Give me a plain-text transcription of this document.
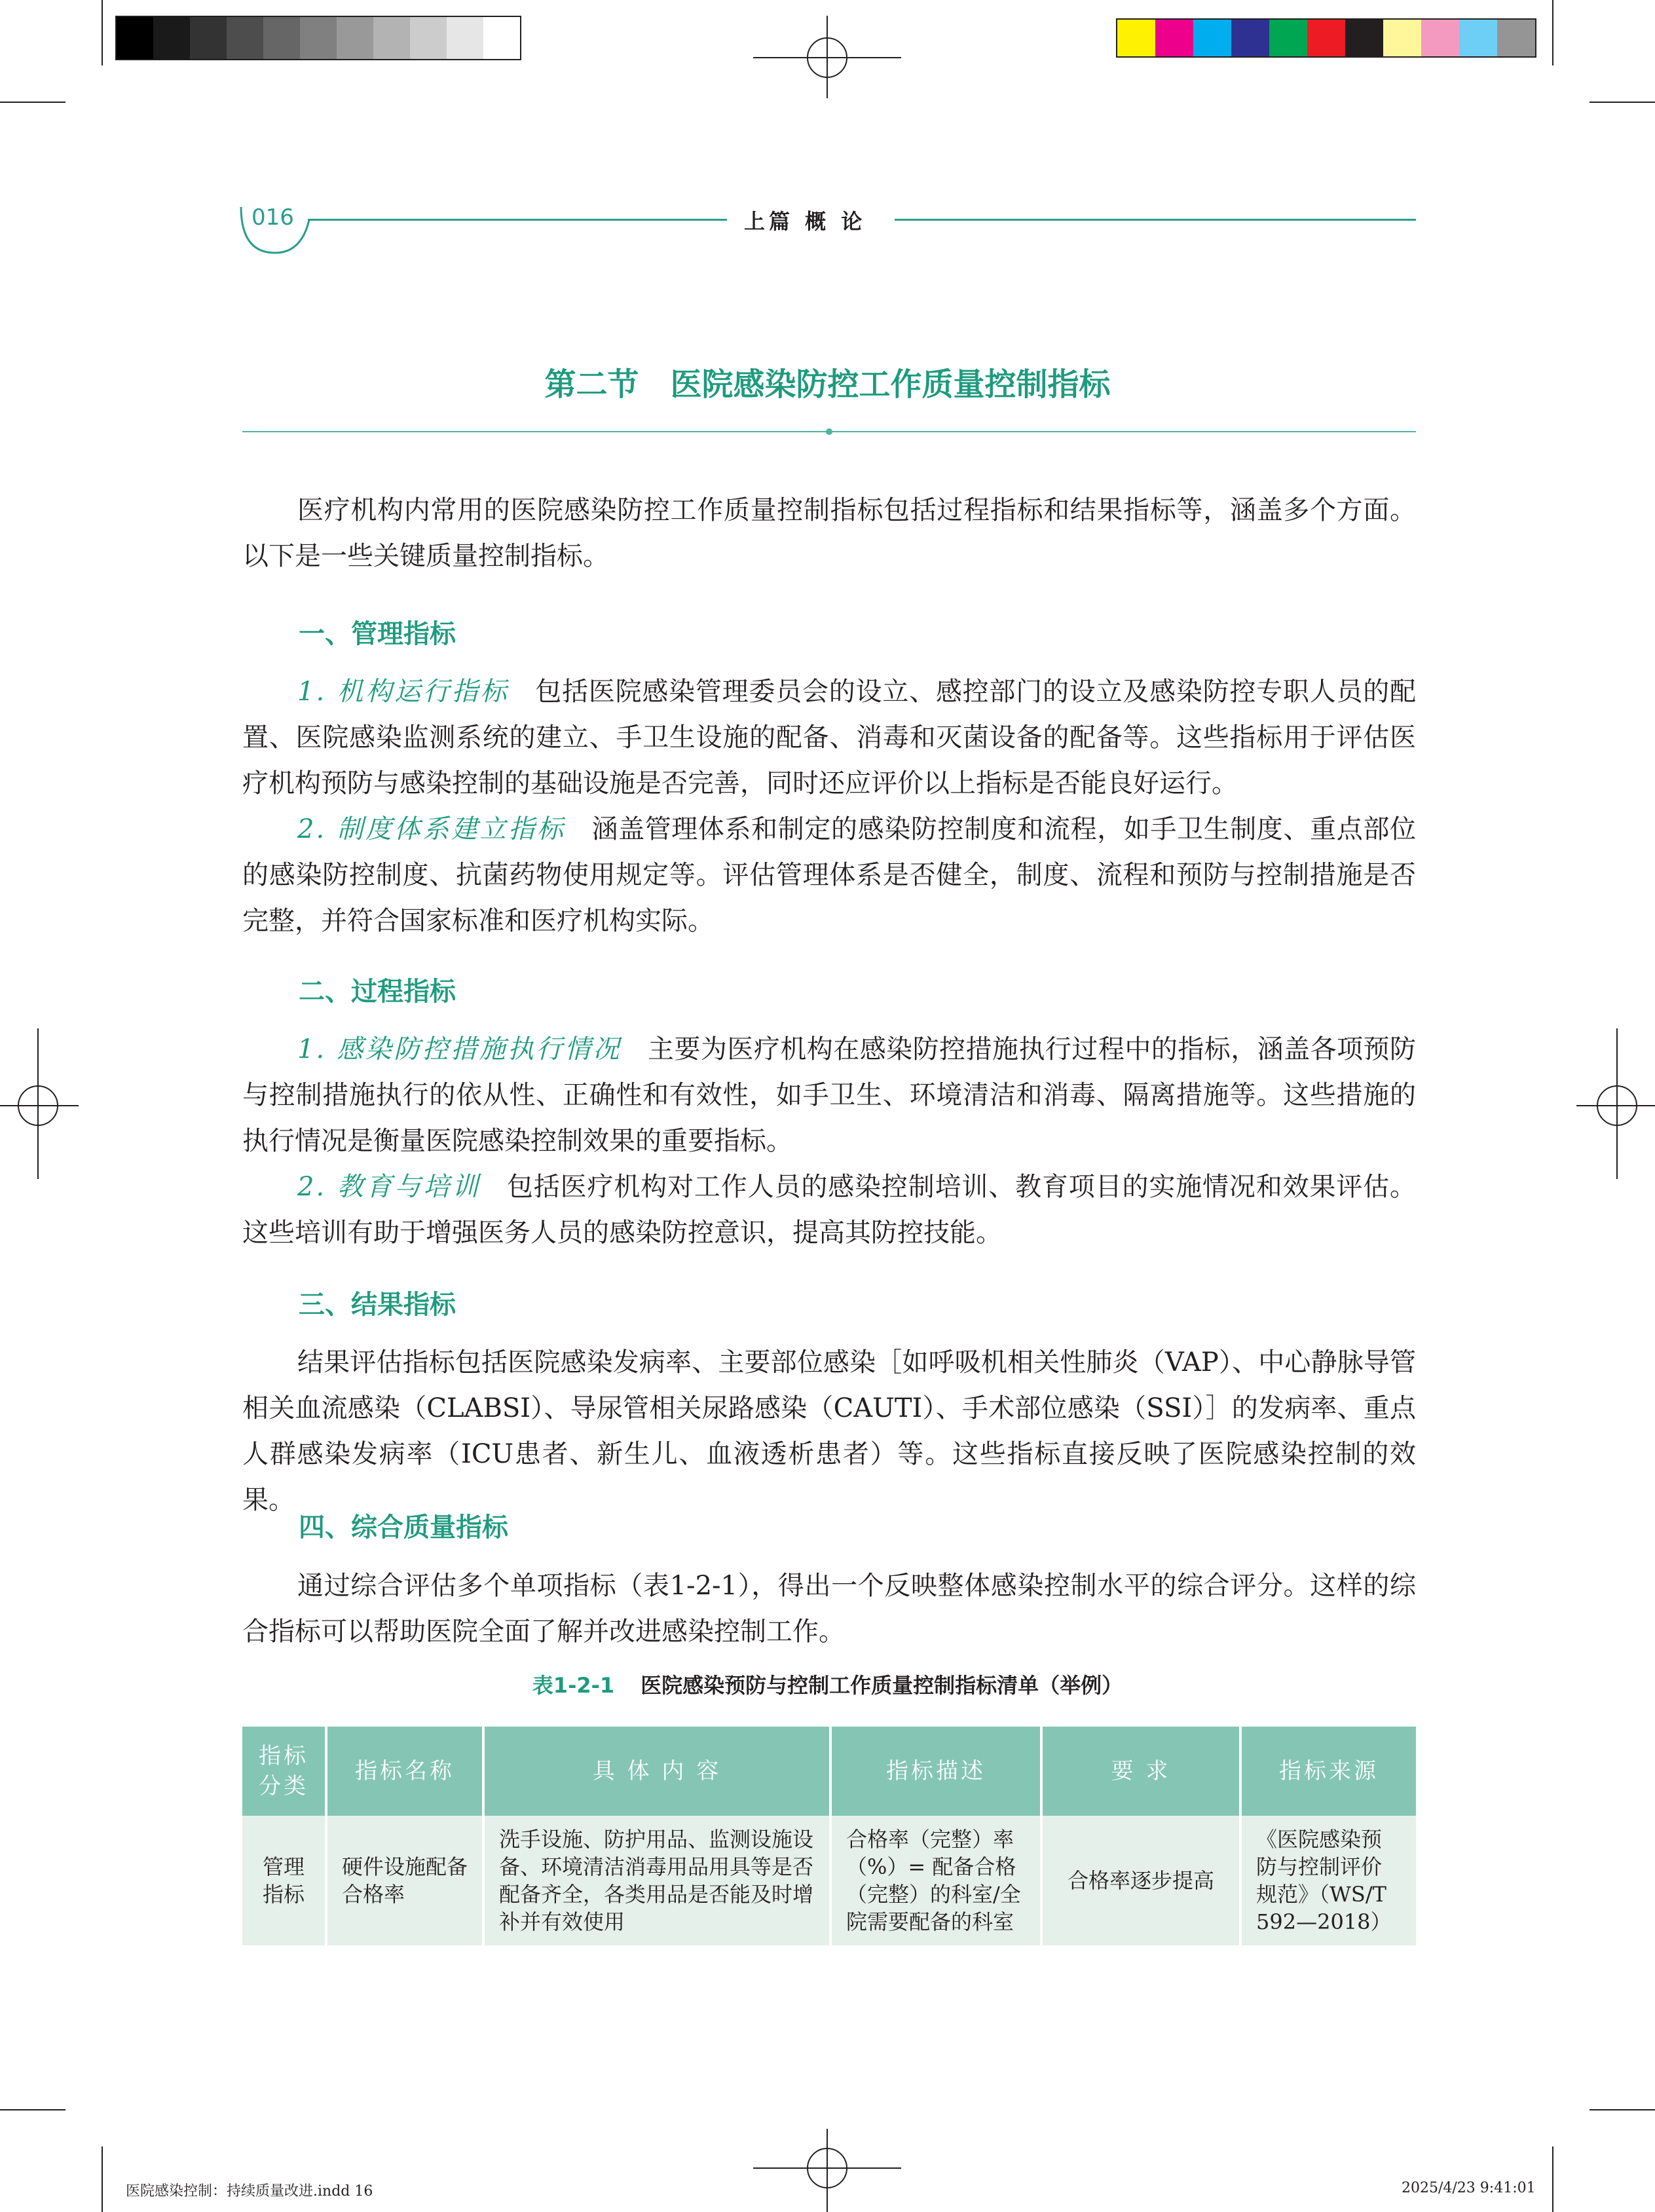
016	上篇 概 论
第二节　医院感染防控工作质量控制指标

医疗机构内常用的医院感染防控工作质量控制指标包括过程指标和结果指标等，涵盖多个方面。以下是一些关键质量控制指标。

一、管理指标

1. 机构运行指标 包括医院感染管理委员会的设立、感控部门的设立及感染防控专职人员的配置、医院感染监测系统的建立、手卫生设施的配备、消毒和灭菌设备的配备等。这些指标用于评估医疗机构预防与感染控制的基础设施是否完善，同时还应评价以上指标是否能良好运行。

2. 制度体系建立指标 涵盖管理体系和制定的感染防控制度和流程，如手卫生制度、重点部位的感染防控制度、抗菌药物使用规定等。评估管理体系是否健全，制度、流程和预防与控制措施是否完整，并符合国家标准和医疗机构实际。

二、过程指标

1. 感染防控措施执行情况 主要为医疗机构在感染防控措施执行过程中的指标，涵盖各项预防与控制措施执行的依从性、正确性和有效性，如手卫生、环境清洁和消毒、隔离措施等。这些措施的执行情况是衡量医院感染控制效果的重要指标。

2. 教育与培训 包括医疗机构对工作人员的感染控制培训、教育项目的实施情况和效果评估。这些培训有助于增强医务人员的感染防控意识，提高其防控技能。

三、结果指标

结果评估指标包括医院感染发病率、主要部位感染［如呼吸机相关性肺炎（VAP）、中心静脉导管相关血流感染（CLABSI）、导尿管相关尿路感染（CAUTI）、手术部位感染（SSI）］的发病率、重点人群感染发病率（ICU患者、新生儿、血液透析患者）等。这些指标直接反映了医院感染控制的效果。

四、综合质量指标

通过综合评估多个单项指标（表1-2-1），得出一个反映整体感染控制水平的综合评分。这样的综合指标可以帮助医院全面了解并改进感染控制工作。

表1-2-1 医院感染预防与控制工作质量控制指标清单（举例）
指标分类	指标名称	具 体 内 容	指标描述	要 求	指标来源
管理指标	硬件设施配备合格率	洗手设施、防护用品、监测设施设备、环境清洁消毒用品用具等是否配备齐全，各类用品是否能及时增补并有效使用	合格率（完整）率（%）= 配备合格（完整）的科室/全院需要配备的科室	合格率逐步提高	《医院感染预防与控制评价规范》（WS/T 592—2018）
医院感染控制：持续质量改进.indd 16	2025/4/23 9:41:01
